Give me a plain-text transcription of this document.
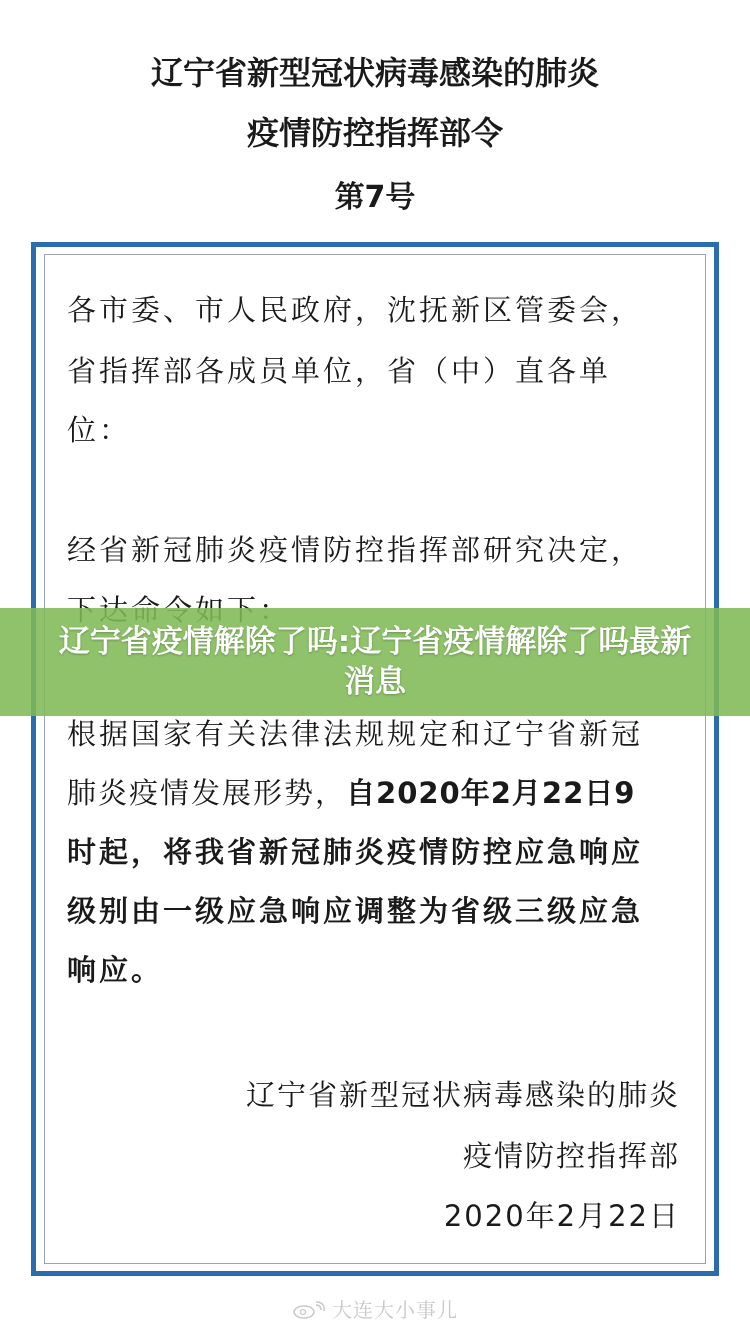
辽宁省新型冠状病毒感染的肺炎
疫情防控指挥部令
第7号
各市委、市人民政府，沈抚新区管委会，
省指挥部各成员单位，省（中）直各单
位：
经省新冠肺炎疫情防控指挥部研究决定，
根据国家有关法律法规规定和辽宁省新冠
肺炎疫情发展形势，自2020年2月22日9
时起，将我省新冠肺炎疫情防控应急响应
级别由一级应急响应调整为省级三级应急
响应。
辽宁省新型冠状病毒感染的肺炎
疫情防控指挥部
2020年2月22日
辽宁省疫情解除了吗:辽宁省疫情解除了吗最新消息
大连大小事儿
